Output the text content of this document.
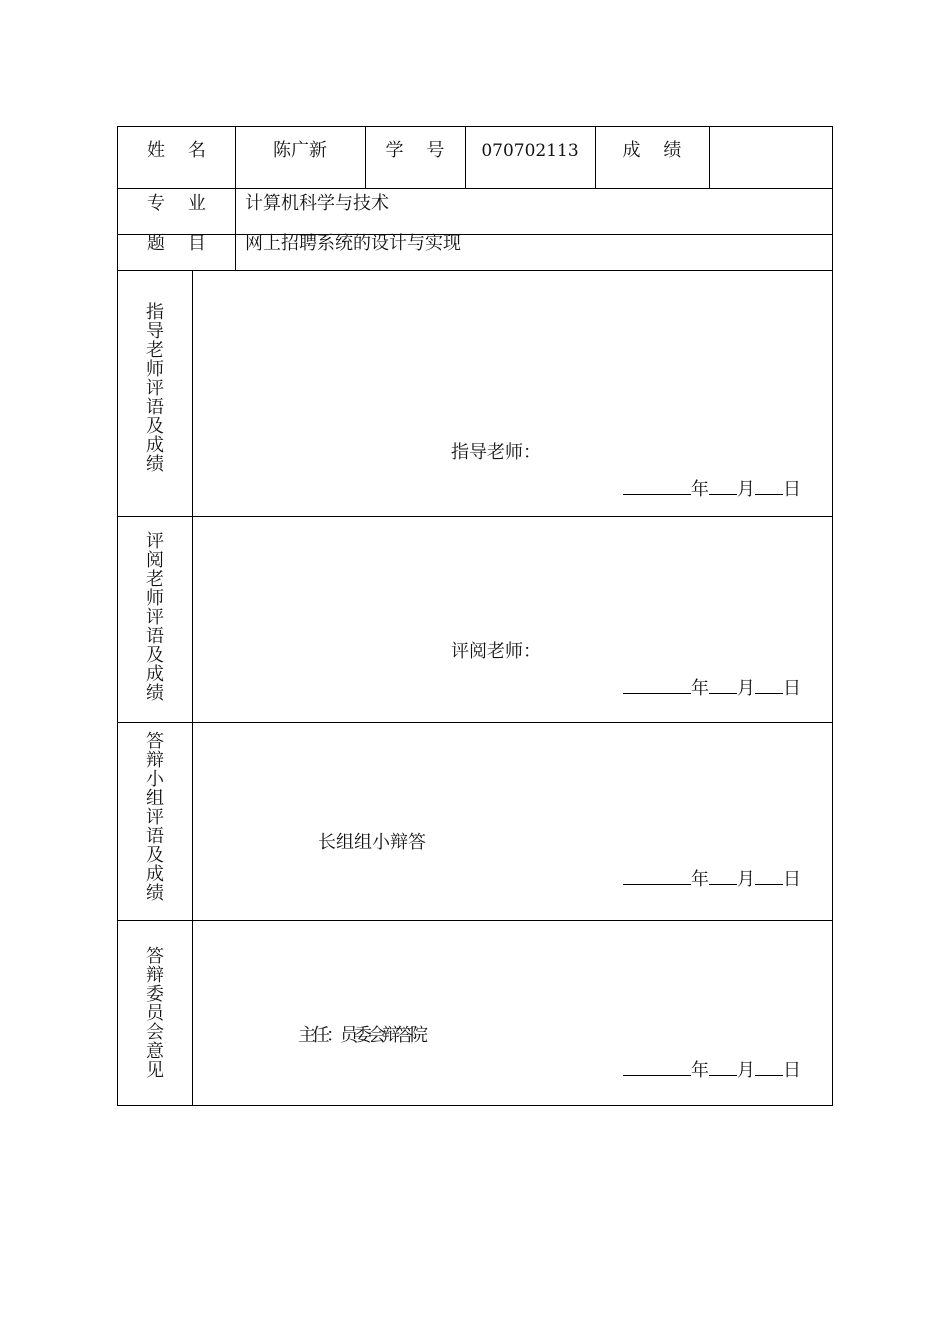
姓    名	陈广新	学    号	070702113	成    绩
专    业	计算机科学与技术
题    目	网上招聘系统的设计与实现
指导老师评语及成绩
指导老师：
年 月 日
评阅老师评语及成绩
评阅老师：
年 月 日
答辩小组评语及成绩
长组组小辩答
年 月 日
答辩委员会意见
主任：员委会辩答院
年 月 日
